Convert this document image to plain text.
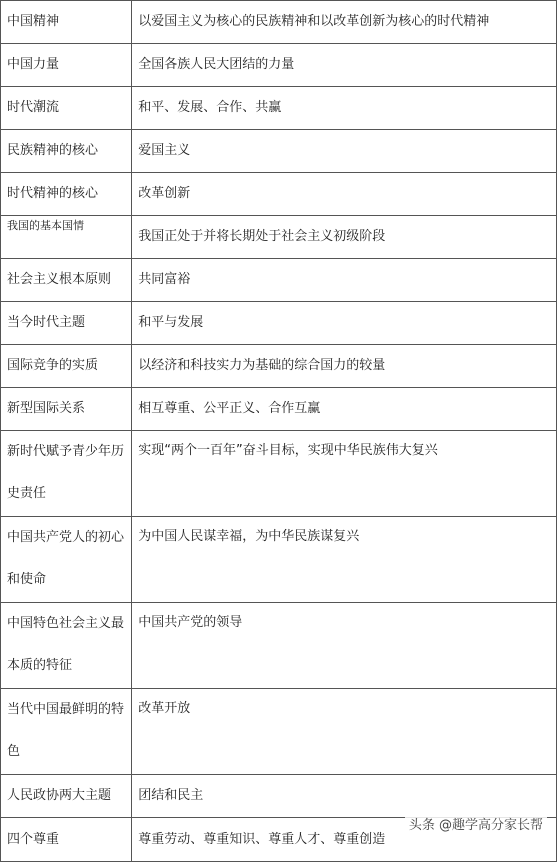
中国精神	以爱国主义为核心的民族精神和以改革创新为核心的时代精神
中国力量	全国各族人民大团结的力量
时代潮流	和平、发展、合作、共赢
民族精神的核心	爱国主义
时代精神的核心	改革创新
我国的基本国情	我国正处于并将长期处于社会主义初级阶段
社会主义根本原则	共同富裕
当今时代主题	和平与发展
国际竞争的实质	以经济和科技实力为基础的综合国力的较量
新型国际关系	相互尊重、公平正义、合作互赢
新时代赋予青少年历史责任	实现“两个一百年”奋斗目标，实现中华民族伟大复兴
中国共产党人的初心和使命	为中国人民谋幸福，为中华民族谋复兴
中国特色社会主义最本质的特征	中国共产党的领导
当代中国最鲜明的特色	改革开放
人民政协两大主题	团结和民主
四个尊重	尊重劳动、尊重知识、尊重人才、尊重创造
头条 @趣学高分家长帮
